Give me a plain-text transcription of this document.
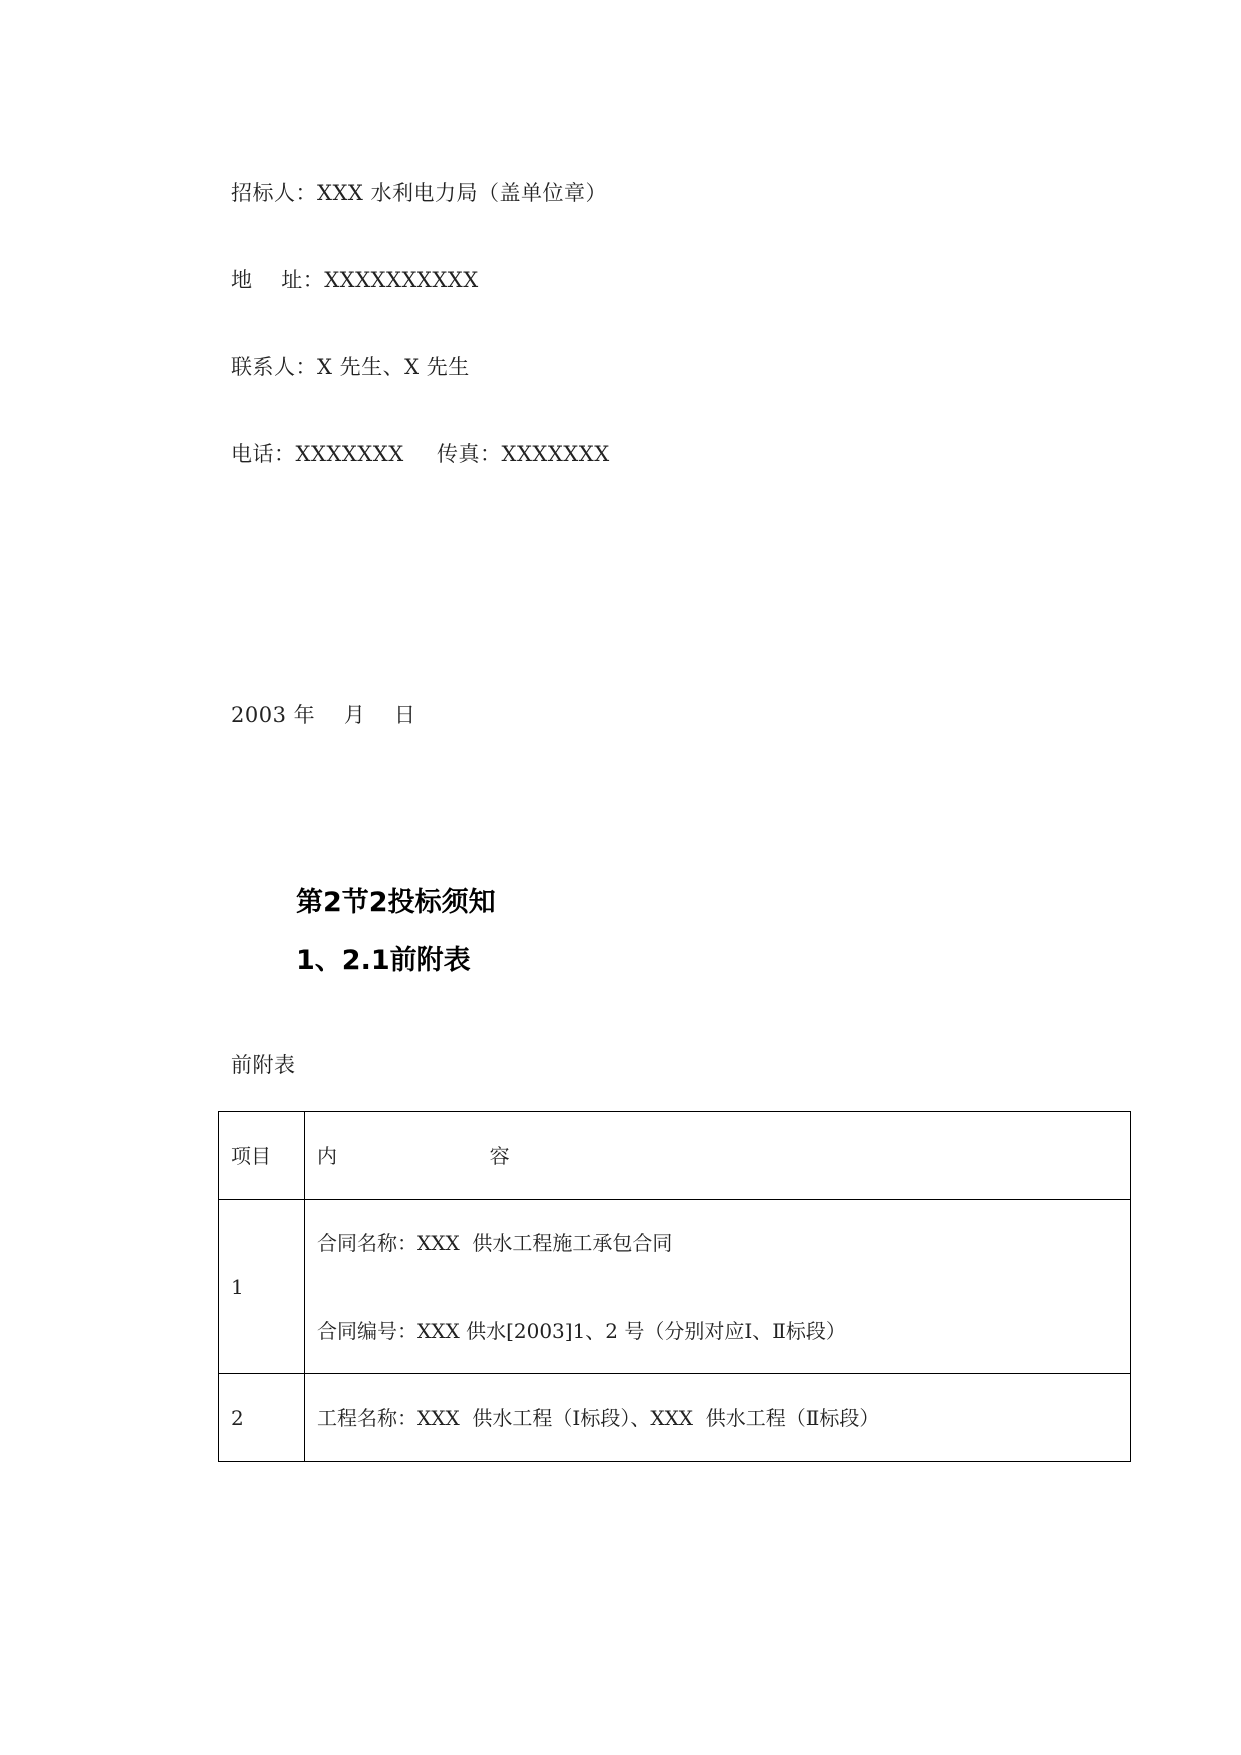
招标人：XXX 水利电力局（盖单位章）
地    址：XXXXXXXXXX
联系人：X 先生、X 先生
电话：XXXXXXX 传真：XXXXXXX
2003 年    月    日
第2节2投标须知
1、2.1前附表
前附表
项目	内                        容

1	合同名称：XXX  供水工程施工承包合同
合同编号：XXX 供水[2003]1、2 号（分别对应Ⅰ、Ⅱ标段）

2	工程名称：XXX  供水工程（Ⅰ标段）、XXX  供水工程（Ⅱ标段）
